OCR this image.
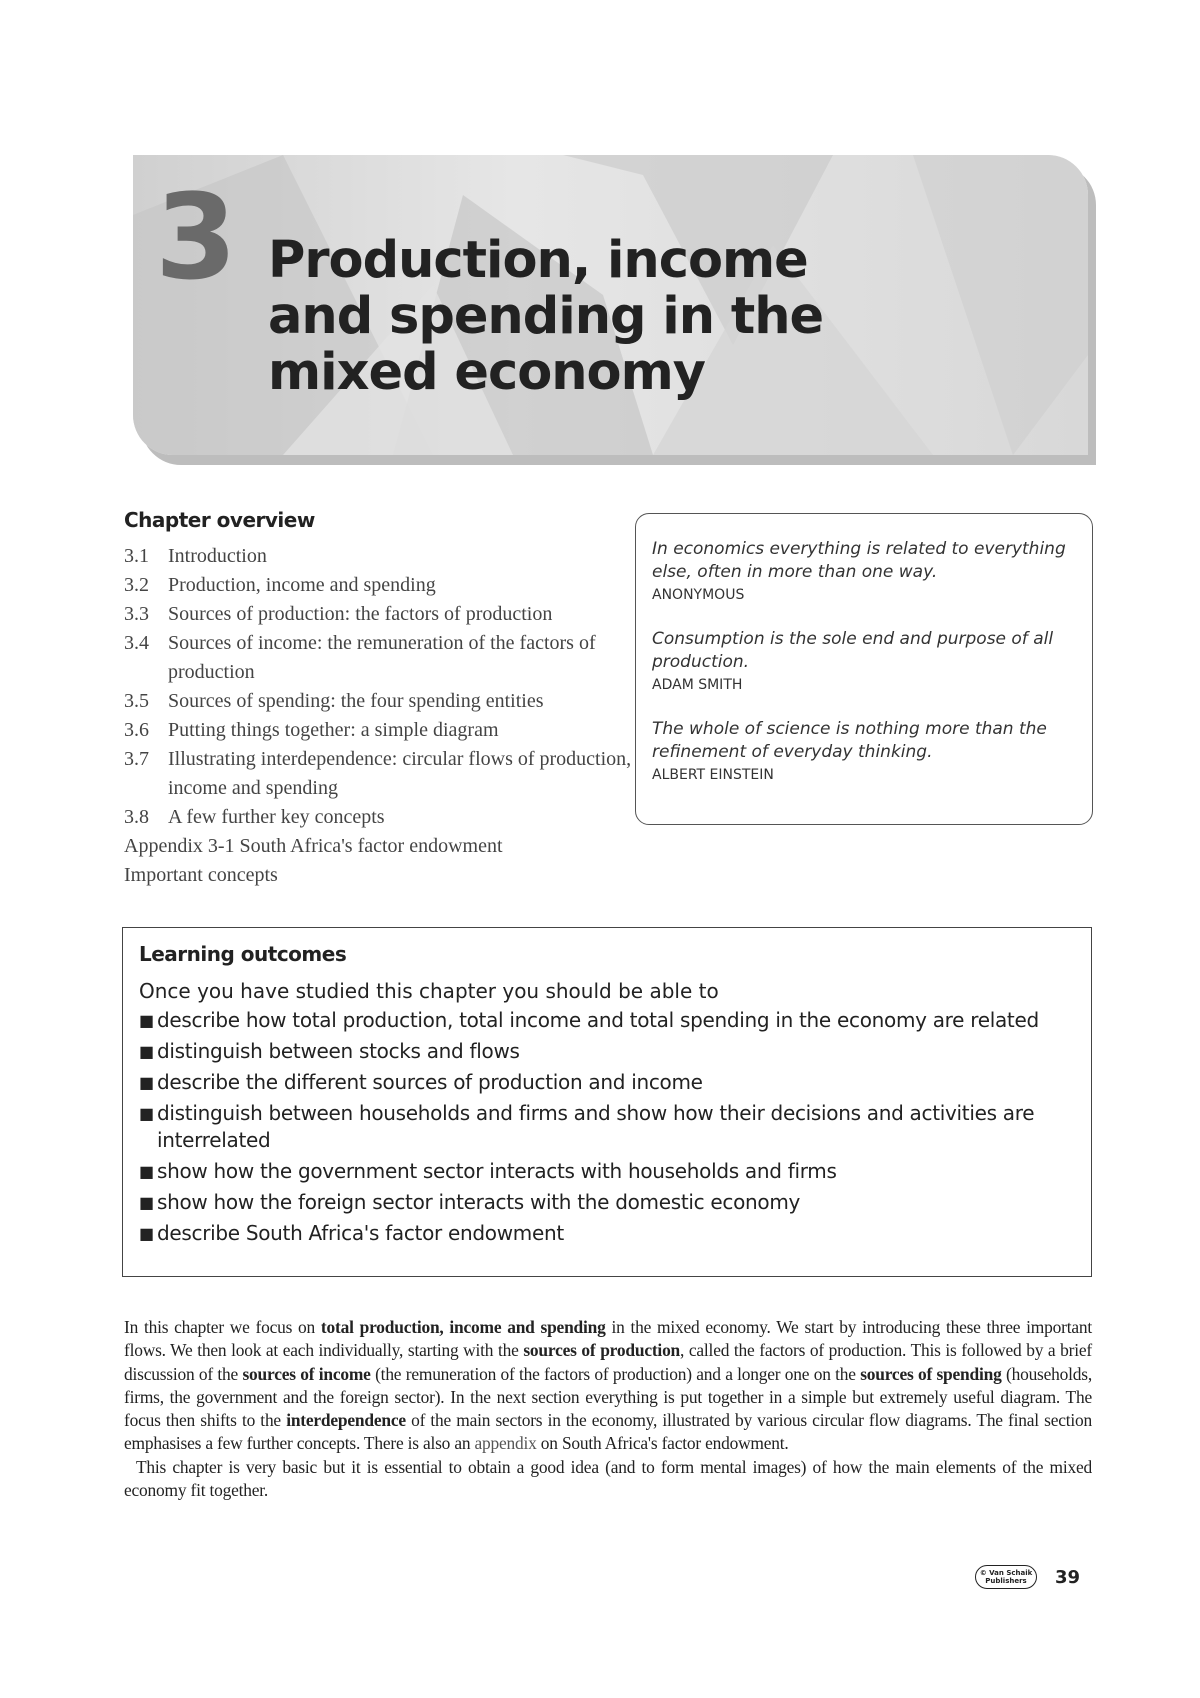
3 Production, income and spending in the mixed economy
Chapter overview
3.1 Introduction
3.2 Production, income and spending
3.3 Sources of production: the factors of production
3.4 Sources of income: the remuneration of the factors of production
3.5 Sources of spending: the four spending entities
3.6 Putting things together: a simple diagram
3.7 Illustrating interdependence: circular flows of production, income and spending
3.8 A few further key concepts
Appendix 3-1 South Africa's factor endowment
Important concepts
In economics everything is related to everything else, often in more than one way.
ANONYMOUS
Consumption is the sole end and purpose of all production.
ADAM SMITH
The whole of science is nothing more than the refinement of everyday thinking.
ALBERT EINSTEIN
Learning outcomes
Once you have studied this chapter you should be able to
■ describe how total production, total income and total spending in the economy are related
■ distinguish between stocks and flows
■ describe the different sources of production and income
■ distinguish between households and firms and show how their decisions and activities are interrelated
■ show how the government sector interacts with households and firms
■ show how the foreign sector interacts with the domestic economy
■ describe South Africa's factor endowment

In this chapter we focus on total production, income and spending in the mixed economy. We start by introducing these three important flows. We then look at each individually, starting with the sources of production, called the factors of production. This is followed by a brief discussion of the sources of income (the remuneration of the factors of production) and a longer one on the sources of spending (households, firms, the government and the foreign sector). In the next section everything is put together in a simple but extremely useful diagram. The focus then shifts to the interdependence of the main sectors in the economy, illustrated by various circular flow diagrams. The final section emphasises a few further concepts. There is also an appendix on South Africa's factor endowment.

This chapter is very basic but it is essential to obtain a good idea (and to form mental images) of how the main elements of the mixed economy fit together.

© Van Schaik
Publishers	39
